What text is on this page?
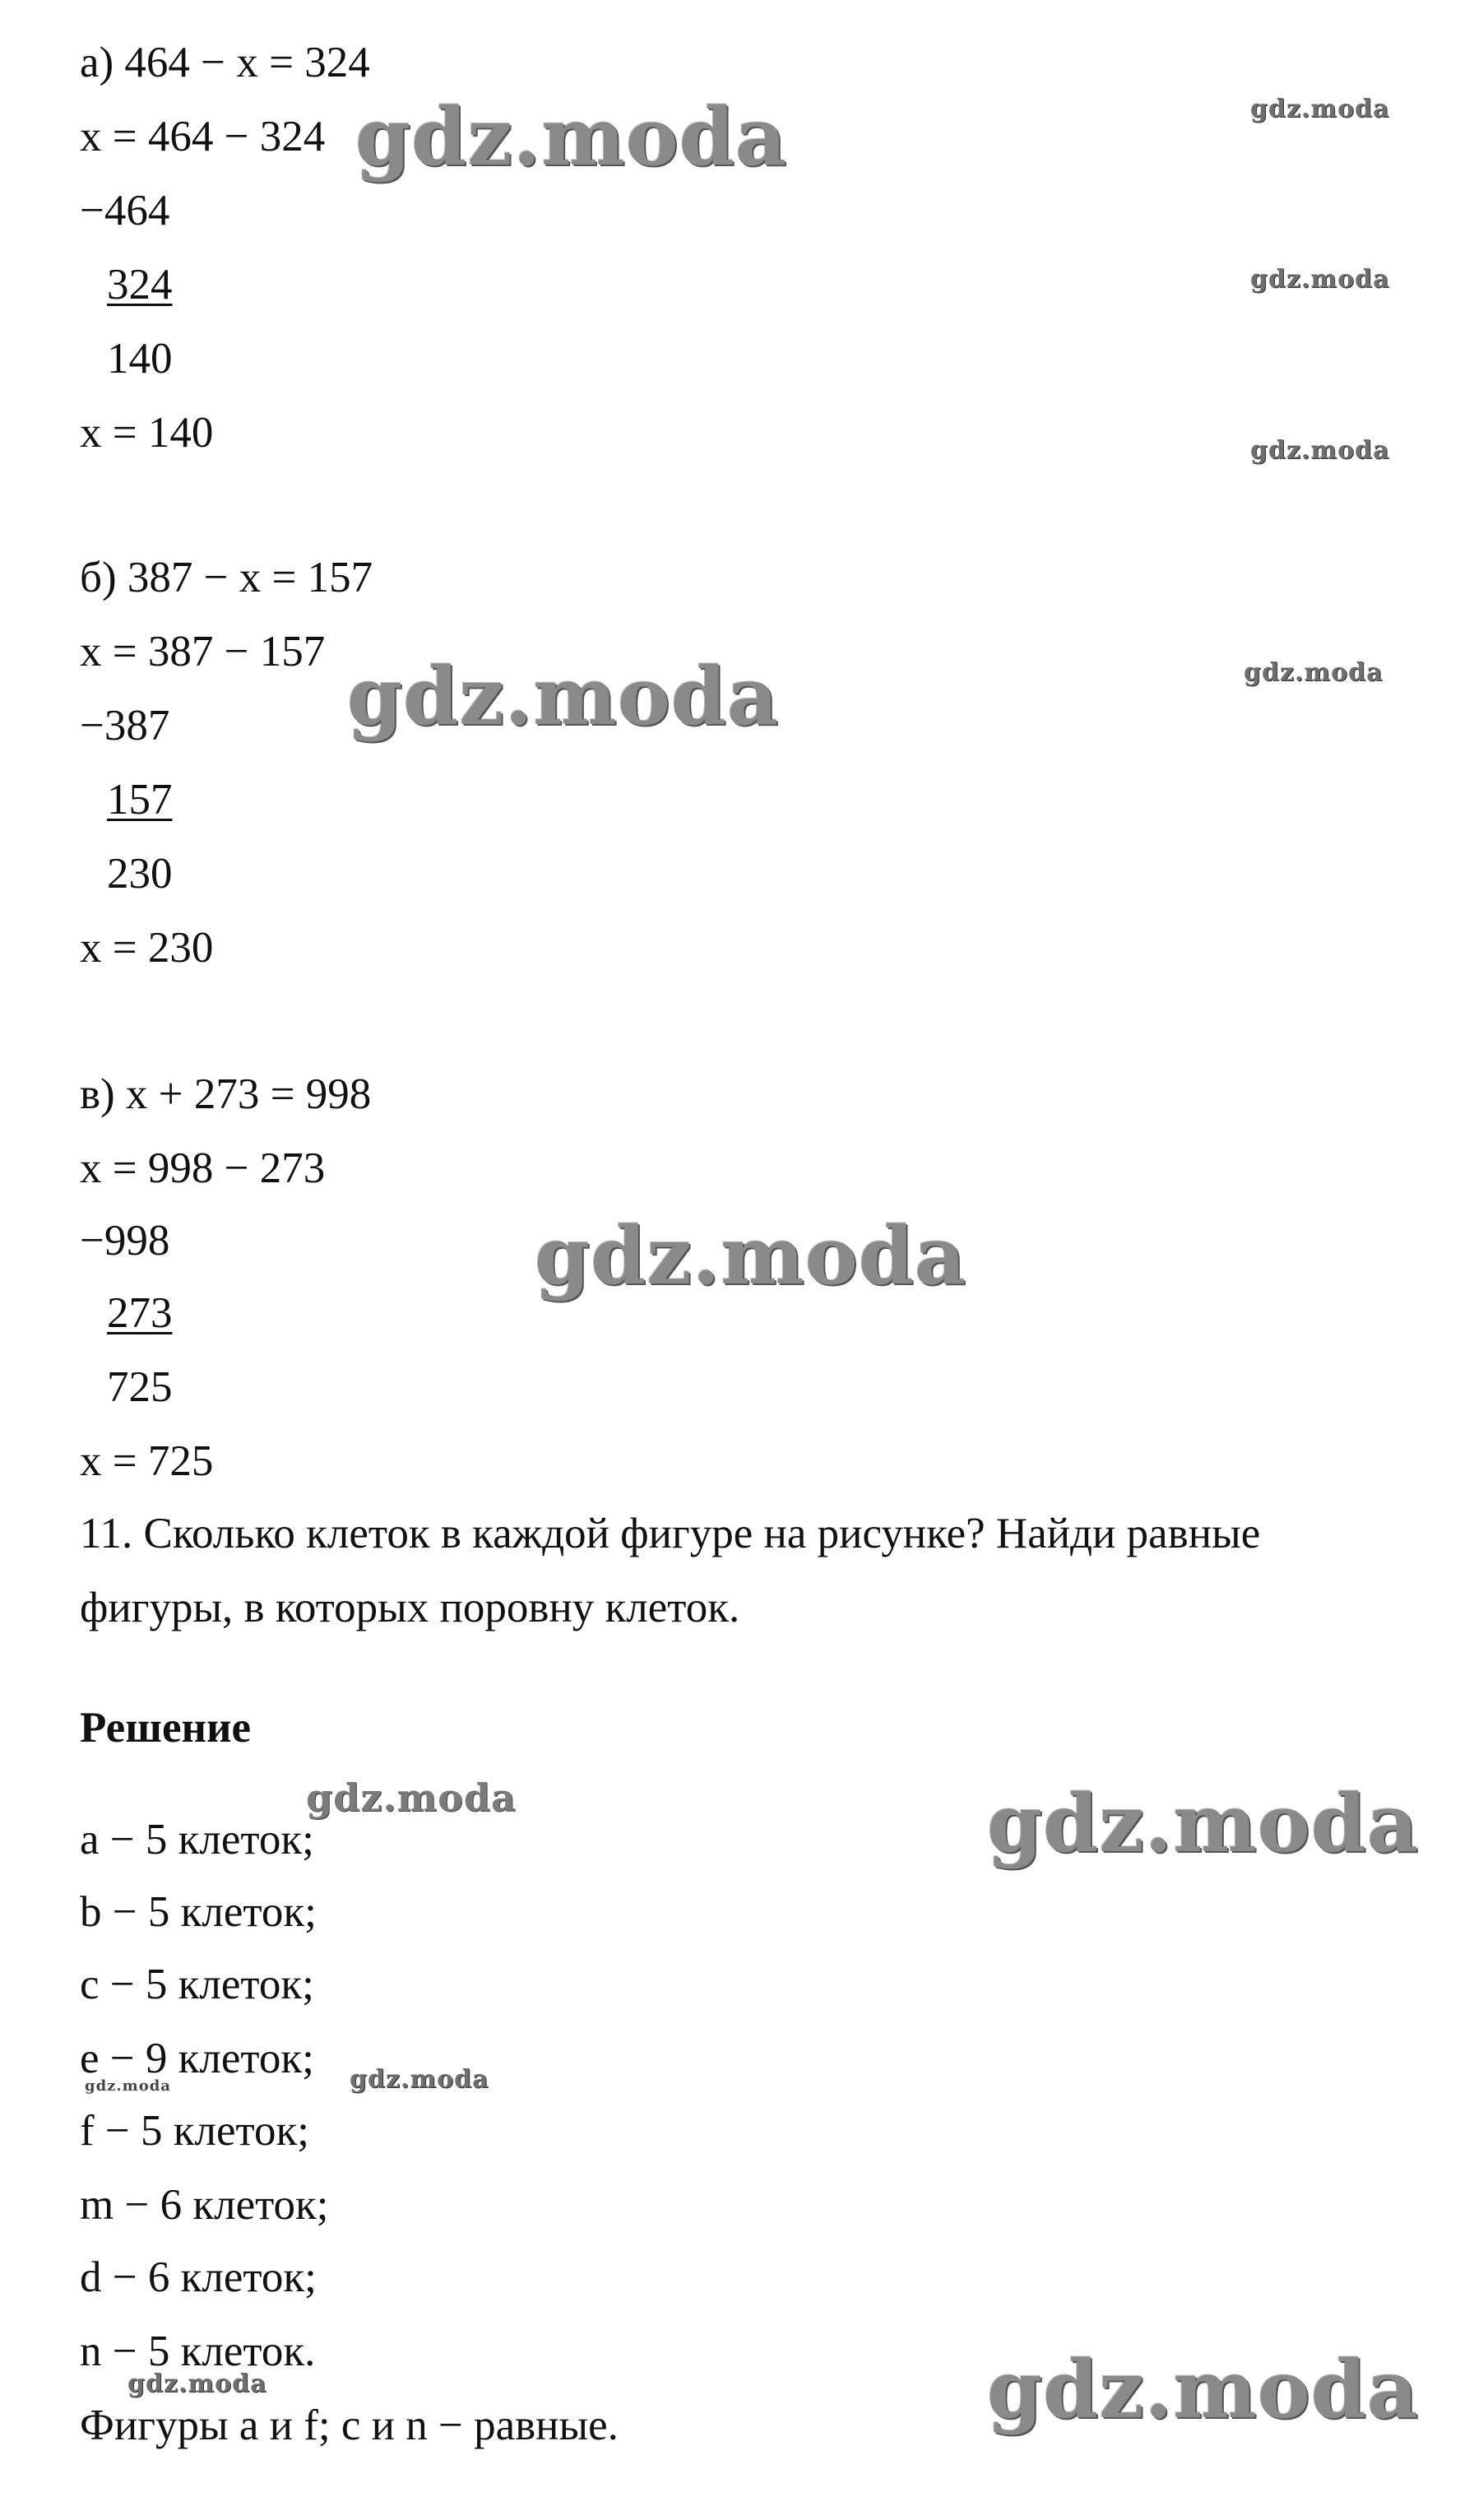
а) 464 − x = 324
x = 464 − 324
−464
324
140
x = 140
б) 387 − x = 157
x = 387 − 157
−387
157
230
x = 230
в) x + 273 = 998
x = 998 − 273
−998
273
725
x = 725
11. Сколько клеток в каждой фигуре на рисунке? Найди равные
фигуры, в которых поровну клеток.
Решение
a − 5 клеток;
b − 5 клеток;
c − 5 клеток;
e − 9 клеток;
f − 5 клеток;
m − 6 клеток;
d − 6 клеток;
n − 5 клеток.
Фигуры a и f; c и n − равные.
gdz.moda	gdz.moda
gdz.moda
gdz.moda
gdz.moda	gdz.moda
gdz.moda
gdz.moda	gdz.moda
gdz.moda
gdz.moda
gdz.moda	gdz.moda
